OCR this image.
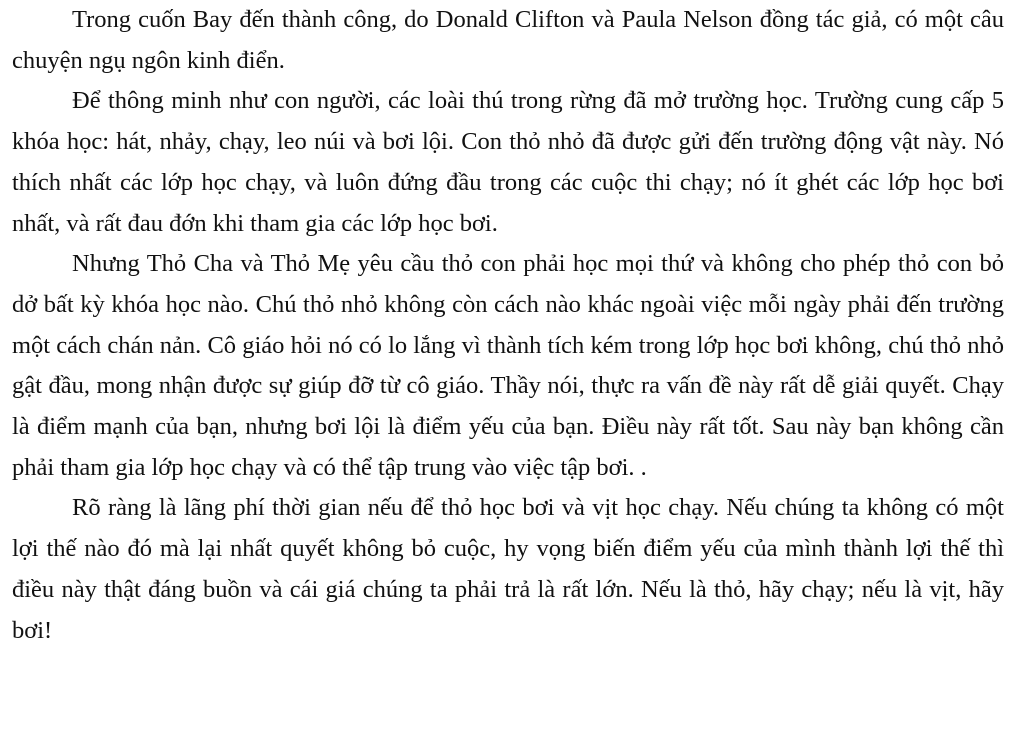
Trong cuốn Bay đến thành công, do Donald Clifton và Paula Nelson đồng tác giả, có một câu chuyện ngụ ngôn kinh điển.

Để thông minh như con người, các loài thú trong rừng đã mở trường học. Trường cung cấp 5 khóa học: hát, nhảy, chạy, leo núi và bơi lội. Con thỏ nhỏ đã được gửi đến trường động vật này. Nó thích nhất các lớp học chạy, và luôn đứng đầu trong các cuộc thi chạy; nó ít ghét các lớp học bơi nhất, và rất đau đớn khi tham gia các lớp học bơi.

Nhưng Thỏ Cha và Thỏ Mẹ yêu cầu thỏ con phải học mọi thứ và không cho phép thỏ con bỏ dở bất kỳ khóa học nào. Chú thỏ nhỏ không còn cách nào khác ngoài việc mỗi ngày phải đến trường một cách chán nản. Cô giáo hỏi nó có lo lắng vì thành tích kém trong lớp học bơi không, chú thỏ nhỏ gật đầu, mong nhận được sự giúp đỡ từ cô giáo. Thầy nói, thực ra vấn đề này rất dễ giải quyết. Chạy là điểm mạnh của bạn, nhưng bơi lội là điểm yếu của bạn. Điều này rất tốt. Sau này bạn không cần phải tham gia lớp học chạy và có thể tập trung vào việc tập bơi. .

Rõ ràng là lãng phí thời gian nếu để thỏ học bơi và vịt học chạy. Nếu chúng ta không có một lợi thế nào đó mà lại nhất quyết không bỏ cuộc, hy vọng biến điểm yếu của mình thành lợi thế thì điều này thật đáng buồn và cái giá chúng ta phải trả là rất lớn. Nếu là thỏ, hãy chạy; nếu là vịt, hãy bơi!
